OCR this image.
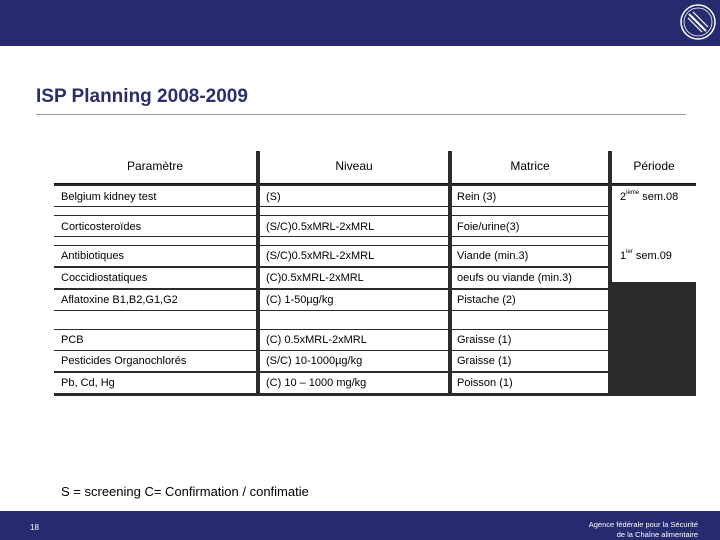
ISP Planning 2008-2009
Paramètre	Niveau	Matrice	Période
Belgium kidney test	(S)	Rein (3)	2ième sem.08
Corticosteroïdes	(S/C)0.5xMRL-2xMRL	Foie/urine(3)
Antibiotiques	(S/C)0.5xMRL-2xMRL	Viande (min.3)	$1^{ier}$ sem.09
Coccidiostatiques	(C)0.5xMRL-2xMRL	oeufs ou viande (min.3)
Aflatoxine B1,B2,G1,G2	(C) 1-50µg/kg	Pistache (2)
PCB	(C) 0.5xMRL-2xMRL	Graisse (1)
Pesticides Organochlorés	(S/C) 10-1000µg/kg	Graisse (1)
Pb, Cd, Hg	(C) 10 – 1000 mg/kg	Poisson (1)
S = screening C= Confirmation / confimatie
18	Agence fédérale pour la Sécurité
de la Chaîne alimentaire
